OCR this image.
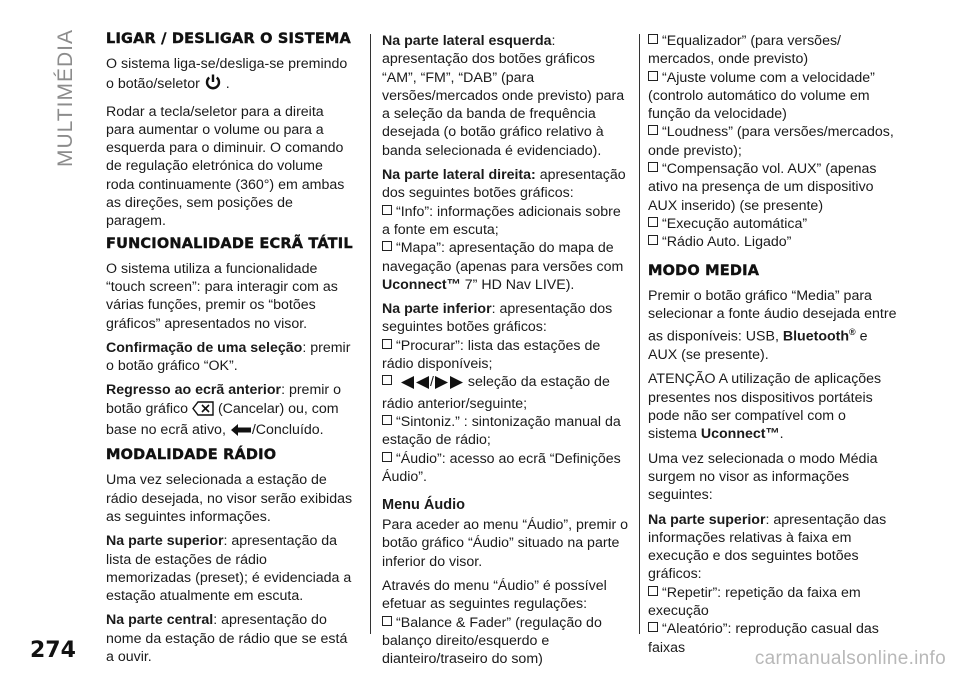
MULTIMÉDIA LIGAR / DESLIGAR O SISTEMA

O sistema liga-se/desliga-se premindo o botão/seletor .

Rodar a tecla/seletor para a direita para aumentar o volume ou para a esquerda para o diminuir. O comando de regulação eletrónica do volume roda continuamente (360°) em ambas as direções, sem posições de paragem.

FUNCIONALIDADE ECRÃ TÁTIL

O sistema utiliza a funcionalidade “touch screen”: para interagir com as várias funções, premir os “botões gráficos” apresentados no visor.

Confirmação de uma seleção: premir o botão gráfico “OK”.

Regresso ao ecrã anterior: premir o botão gráfico (Cancelar) ou, com base no ecrã ativo, /Concluído.

MODALIDADE RÁDIO

Uma vez selecionada a estação de rádio desejada, no visor serão exibidas as seguintes informações.

Na parte superior: apresentação da lista de estações de rádio memorizadas (preset); é evidenciada a estação atualmente em escuta.

Na parte central: apresentação do nome da estação de rádio que se está a ouvir.

Na parte lateral esquerda: apresentação dos botões gráficos “AM”, “FM”, “DAB” (para versões/mercados onde previsto) para a seleção da banda de frequência desejada (o botão gráfico relativo à banda selecionada é evidenciado).

Na parte lateral direita: apresentação dos seguintes botões gráficos:

“Info”: informações adicionais sobre a fonte em escuta;
“Mapa”: apresentação do mapa de navegação (apenas para versões com Uconnect™ 7” HD Nav LIVE).

Na parte inferior: apresentação dos seguintes botões gráficos:

“Procurar”: lista das estações de rádio disponíveis;
/ seleção da estação de rádio anterior/seguinte;
“Sintoniz.” : sintonização manual da estação de rádio;
“Áudio”: acesso ao ecrã “Definições Áudio”.
Menu Áudio

Para aceder ao menu “Áudio”, premir o botão gráfico “Áudio” situado na parte inferior do visor.

Através do menu “Áudio” é possível efetuar as seguintes regulações:

“Balance & Fader” (regulação do balanço direito/esquerdo e dianteiro/traseiro do som)
“Equalizador” (para versões/ mercados, onde previsto)
“Ajuste volume com a velocidade” (controlo automático do volume em função da velocidade)
“Loudness” (para versões/mercados, onde previsto);
“Compensação vol. AUX” (apenas ativo na presença de um dispositivo AUX inserido) (se presente)
“Execução automática”
“Rádio Auto. Ligado”
MODO MEDIA

Premir o botão gráfico “Media” para selecionar a fonte áudio desejada entre as disponíveis: USB, Bluetooth® e AUX (se presente).

ATENÇÃO A utilização de aplicações presentes nos dispositivos portáteis pode não ser compatível com o sistema Uconnect™.

Uma vez selecionada o modo Média surgem no visor as informações seguintes:

Na parte superior: apresentação das informações relativas à faixa em execução e dos seguintes botões gráficos:

“Repetir”: repetição da faixa em execução
“Aleatório”: reprodução casual das faixas
274	carmanualsonline.info
